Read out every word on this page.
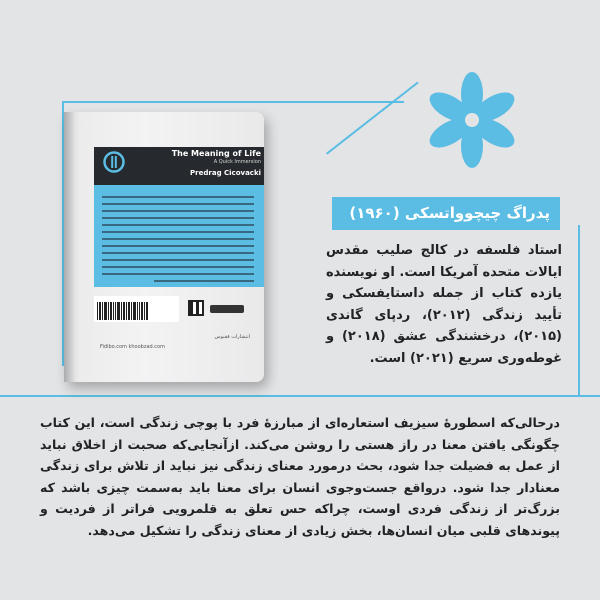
The Meaning of Life
A Quick Immersion
Predrag Cicovacki
انتشارات ققنوس
Fidibo.com khoobzad.com
پدراگ چیچوواتسکی (۱۹۶۰)
استاد فلسفه در کالج صلیب مقدس ایالات متحده آمریکا است. او نویسنده یازده کتاب از جمله داستایفسکی و تأیید زندگی (۲۰۱۲)، ردپای گاندی (۲۰۱۵)، درخشندگی عشق (۲۰۱۸) و غوطه‌وری سریع (۲۰۲۱) است.
درحالی‌که اسطورهٔ سیزیف استعاره‌ای از مبارزهٔ فرد با پوچی زندگی است، این کتاب چگونگی یافتن معنا در راز هستی را روشن می‌کند. ازآنجایی‌که صحبت از اخلاق نباید از عمل به فضیلت جدا شود، بحث درمورد معنای زندگی نیز نباید از تلاش برای زندگی معنادار جدا شود. درواقع جست‌وجوی انسان برای معنا باید به‌سمت چیزی باشد که بزرگ‌تر از زندگی فردی اوست، چراکه حس تعلق به قلمرویی فراتر از فردیت و پیوندهای قلبی میان انسان‌ها، بخش زیادی از معنای زندگی را تشکیل می‌دهد.
